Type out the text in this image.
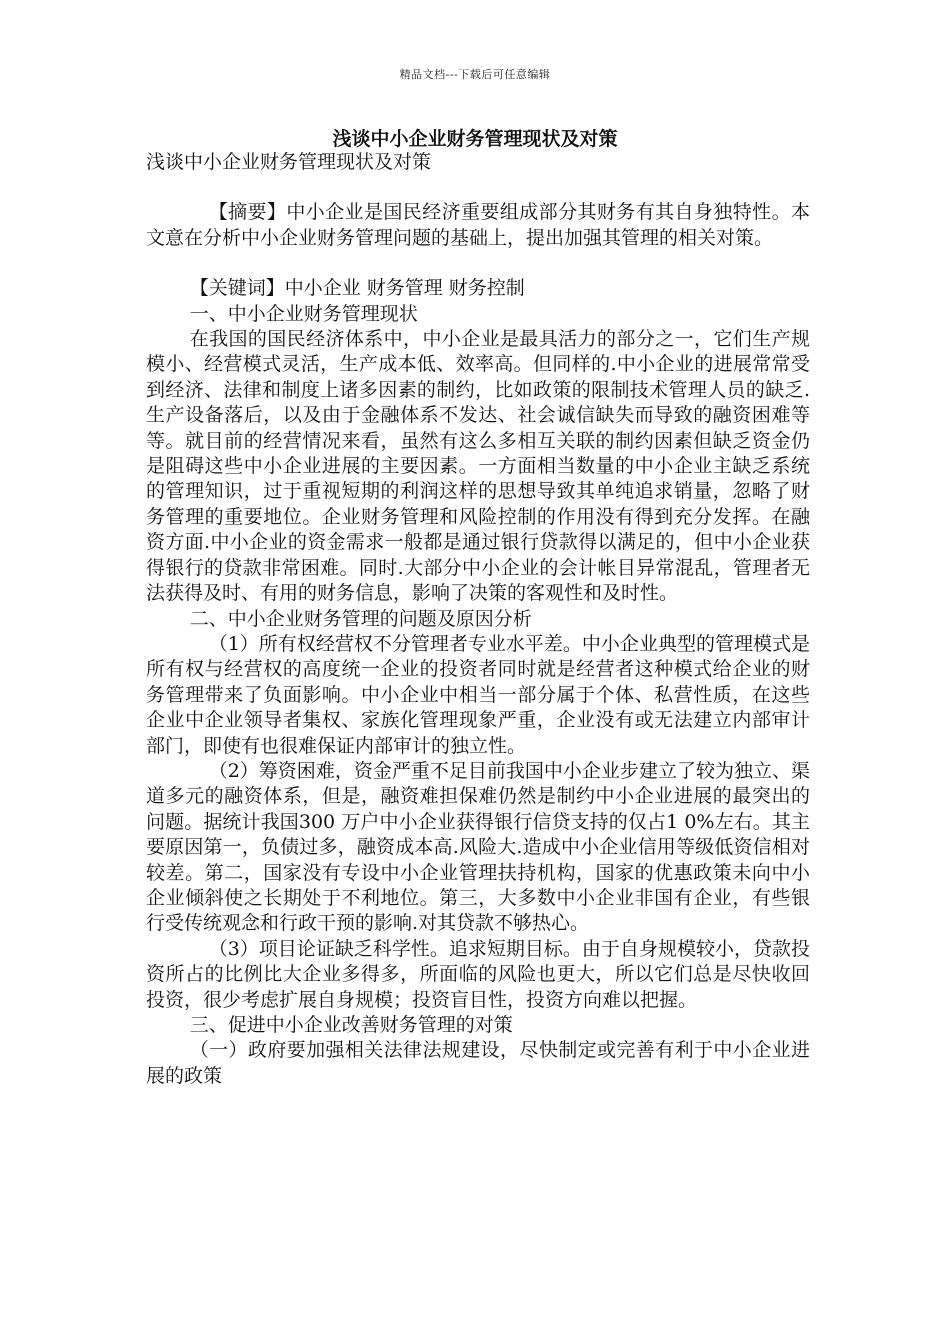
精品文档---下载后可任意编辑
浅谈中小企业财务管理现状及对策

浅谈中小企业财务管理现状及对策

【摘要】中小企业是国民经济重要组成部分其财务有其自身独特性。本文意在分析中小企业财务管理问题的基础上，提出加强其管理的相关对策。

【关键词】中小企业 财务管理 财务控制

一、中小企业财务管理现状

在我国的国民经济体系中，中小企业是最具活力的部分之一，它们生产规模小、经营模式灵活，生产成本低、效率高。但同样的.中小企业的进展常常受到经济、法律和制度上诸多因素的制约，比如政策的限制技术管理人员的缺乏.生产设备落后，以及由于金融体系不发达、社会诚信缺失而导致的融资困难等等。就目前的经营情况来看，虽然有这么多相互关联的制约因素但缺乏资金仍是阻碍这些中小企业进展的主要因素。一方面相当数量的中小企业主缺乏系统的管理知识，过于重视短期的利润这样的思想导致其单纯追求销量，忽略了财务管理的重要地位。企业财务管理和风险控制的作用没有得到充分发挥。在融资方面.中小企业的资金需求一般都是通过银行贷款得以满足的，但中小企业获得银行的贷款非常困难。同时.大部分中小企业的会计帐目异常混乱，管理者无法获得及时、有用的财务信息，影响了决策的客观性和及时性。

二、中小企业财务管理的问题及原因分析

（1）所有权经营权不分管理者专业水平差。中小企业典型的管理模式是所有权与经营权的高度统一企业的投资者同时就是经营者这种模式给企业的财务管理带来了负面影响。中小企业中相当一部分属于个体、私营性质，在这些企业中企业领导者集权、家族化管理现象严重，企业没有或无法建立内部审计部门，即使有也很难保证内部审计的独立性。

（2）筹资困难，资金严重不足目前我国中小企业步建立了较为独立、渠道多元的融资体系，但是，融资难担保难仍然是制约中小企业进展的最突出的问题。据统计我国300 万户中小企业获得银行信贷支持的仅占1 0%左右。其主要原因第一，负债过多，融资成本高.风险大.造成中小企业信用等级低资信相对较差。第二，国家没有专设中小企业管理扶持机构，国家的优惠政策未向中小企业倾斜使之长期处于不利地位。第三，大多数中小企业非国有企业，有些银行受传统观念和行政干预的影响.对其贷款不够热心。

（3）项目论证缺乏科学性。追求短期目标。由于自身规模较小，贷款投资所占的比例比大企业多得多，所面临的风险也更大，所以它们总是尽快收回投资，很少考虑扩展自身规模；投资盲目性，投资方向难以把握。

三、促进中小企业改善财务管理的对策

（一）政府要加强相关法律法规建设，尽快制定或完善有利于中小企业进展的政策
